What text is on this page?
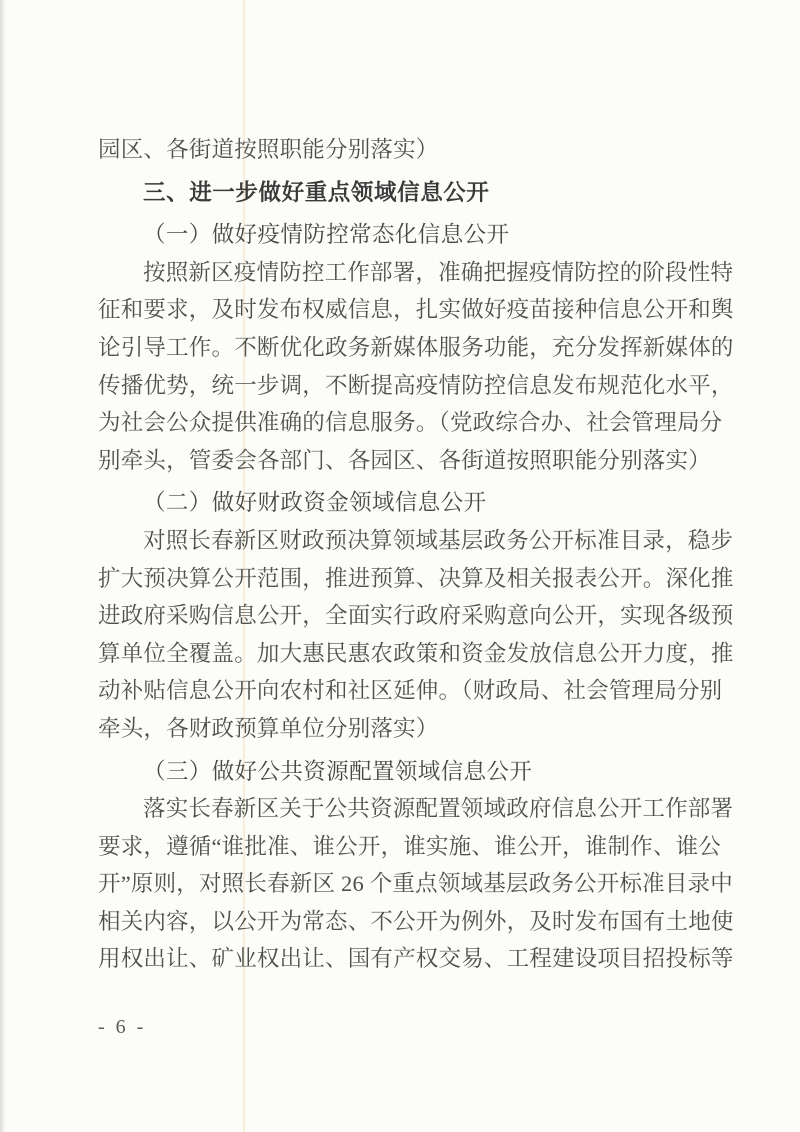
园区、各街道按照职能分别落实）
三、进一步做好重点领域信息公开
（一）做好疫情防控常态化信息公开
按照新区疫情防控工作部署，准确把握疫情防控的阶段性特
征和要求，及时发布权威信息，扎实做好疫苗接种信息公开和舆
论引导工作。不断优化政务新媒体服务功能，充分发挥新媒体的
传播优势，统一步调，不断提高疫情防控信息发布规范化水平，
为社会公众提供准确的信息服务。（党政综合办、社会管理局分
别牵头，管委会各部门、各园区、各街道按照职能分别落实）
（二）做好财政资金领域信息公开
对照长春新区财政预决算领域基层政务公开标准目录，稳步
扩大预决算公开范围，推进预算、决算及相关报表公开。深化推
进政府采购信息公开，全面实行政府采购意向公开，实现各级预
算单位全覆盖。加大惠民惠农政策和资金发放信息公开力度，推
动补贴信息公开向农村和社区延伸。（财政局、社会管理局分别
牵头，各财政预算单位分别落实）
（三）做好公共资源配置领域信息公开
落实长春新区关于公共资源配置领域政府信息公开工作部署
要求，遵循“谁批准、谁公开，谁实施、谁公开，谁制作、谁公
开”原则，对照长春新区 26 个重点领域基层政务公开标准目录中
相关内容，以公开为常态、不公开为例外，及时发布国有土地使
用权出让、矿业权出让、国有产权交易、工程建设项目招投标等
- 6 -
